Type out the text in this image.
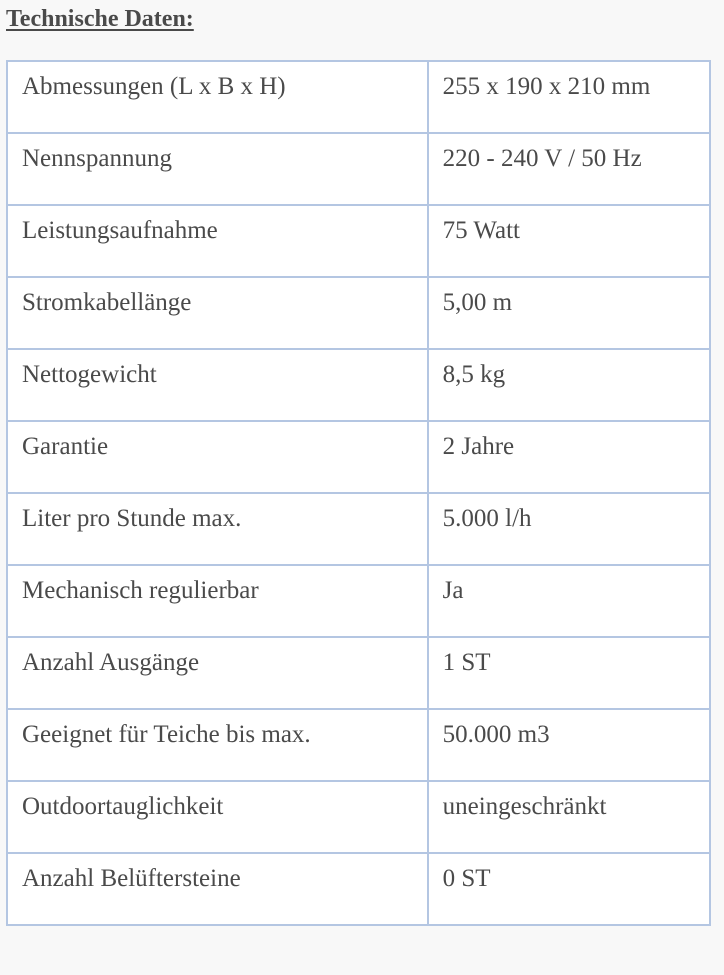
Technische Daten:
Abmessungen (L x B x H)	255 x 190 x 210 mm
Nennspannung	220 - 240 V / 50 Hz
Leistungsaufnahme	75 Watt
Stromkabellänge	5,00 m
Nettogewicht	8,5 kg
Garantie	2 Jahre
Liter pro Stunde max.	5.000 l/h
Mechanisch regulierbar	Ja
Anzahl Ausgänge	1 ST
Geeignet für Teiche bis max.	50.000 m3
Outdoortauglichkeit	uneingeschränkt
Anzahl Belüftersteine	0 ST
